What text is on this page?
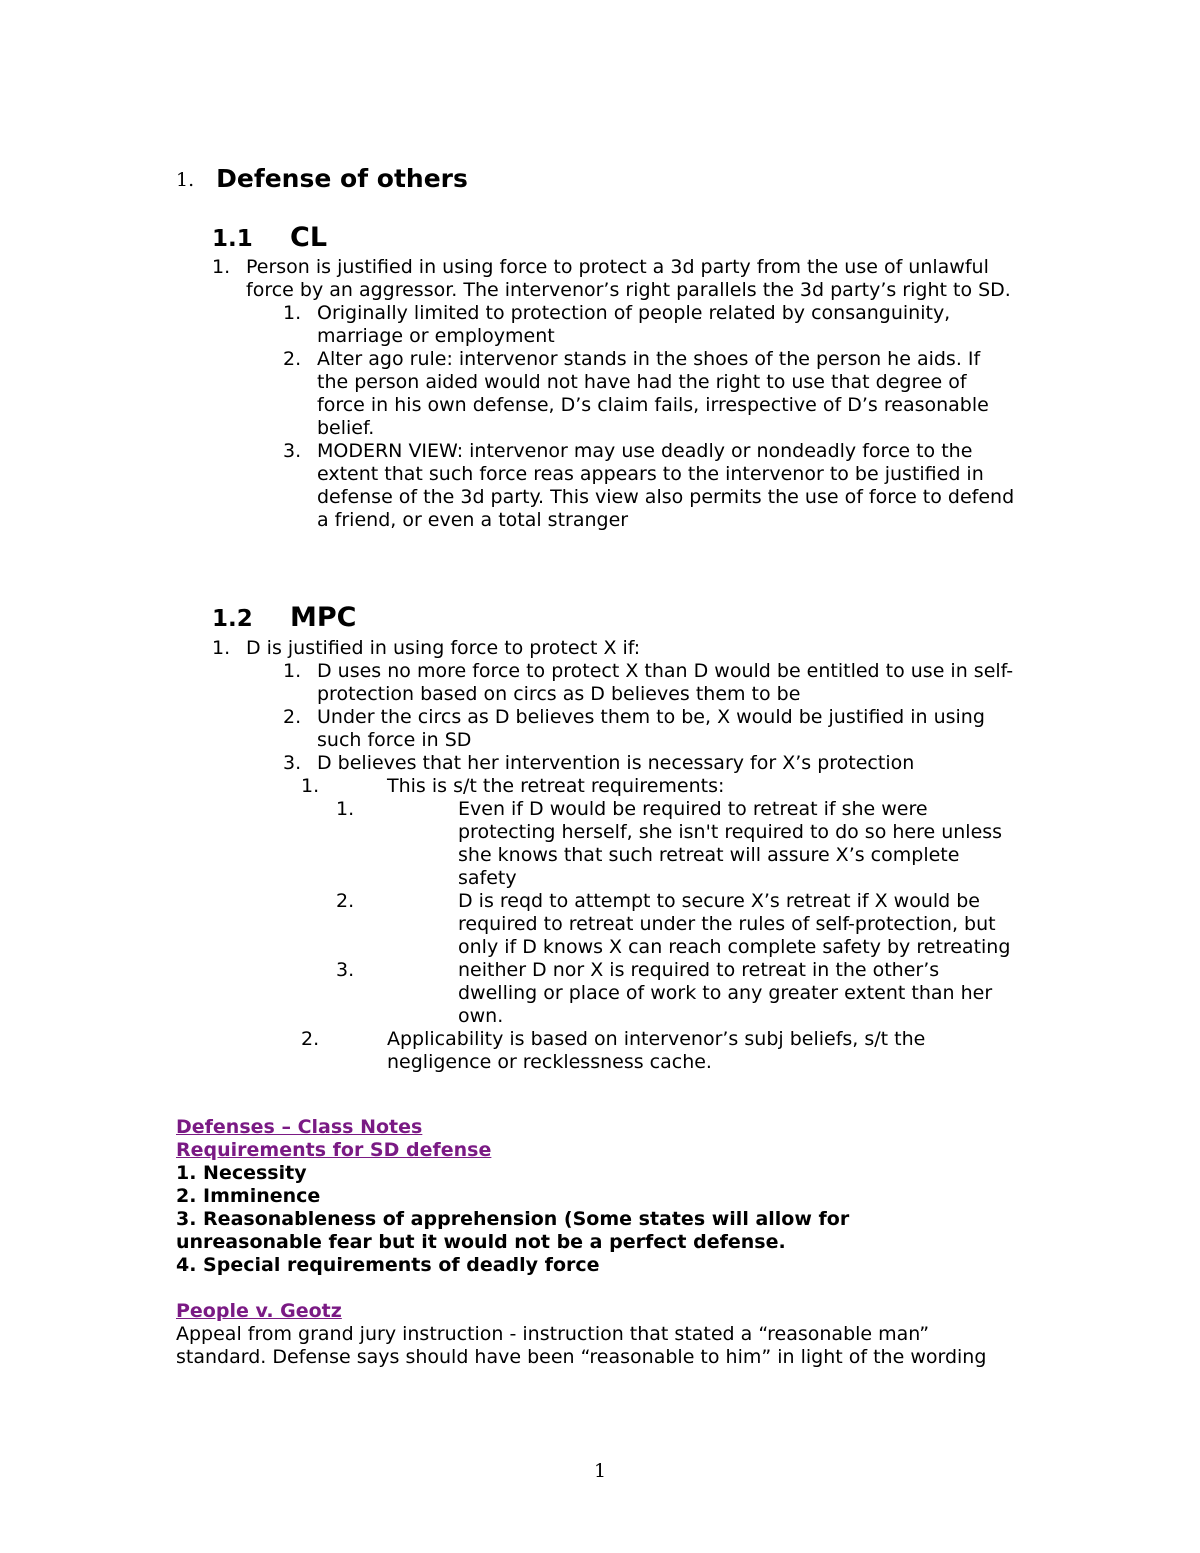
1. Defense of others
1.1 CL
1. Person is justified in using force to protect a 3d party from the use of unlawful force by an aggressor. The intervenor’s right parallels the 3d party’s right to SD.
1. Originally limited to protection of people related by consanguinity, marriage or employment
2. Alter ago rule: intervenor stands in the shoes of the person he aids. If the person aided would not have had the right to use that degree of force in his own defense, D’s claim fails, irrespective of D’s reasonable belief.
3. MODERN VIEW: intervenor may use deadly or nondeadly force to the extent that such force reas appears to the intervenor to be justified in defense of the 3d party. This view also permits the use of force to defend a friend, or even a total stranger
1.2 MPC
1. D is justified in using force to protect X if:
1. D uses no more force to protect X than D would be entitled to use in self-protection based on circs as D believes them to be
2. Under the circs as D believes them to be, X would be justified in using such force in SD
3. D believes that her intervention is necessary for X’s protection
1.	This is s/t the retreat requirements:
1.	Even if D would be required to retreat if she were protecting herself, she isn't required to do so here unless she knows that such retreat will assure X’s complete safety
2.	D is reqd to attempt to secure X’s retreat if X would be required to retreat under the rules of self-protection, but only if D knows X can reach complete safety by retreating
3.	neither D nor X is required to retreat in the other’s dwelling or place of work to any greater extent than her own.
2.	Applicability is based on intervenor’s subj beliefs, s/t the negligence or recklessness cache.
Defenses – Class Notes
Requirements for SD defense
1. Necessity
2. Imminence
3. Reasonableness of apprehension (Some states will allow for
unreasonable fear but it would not be a perfect defense.
4. Special requirements of deadly force
People v. Geotz
Appeal from grand jury instruction - instruction that stated a “reasonable man”
standard. Defense says should have been “reasonable to him” in light of the wording
1
